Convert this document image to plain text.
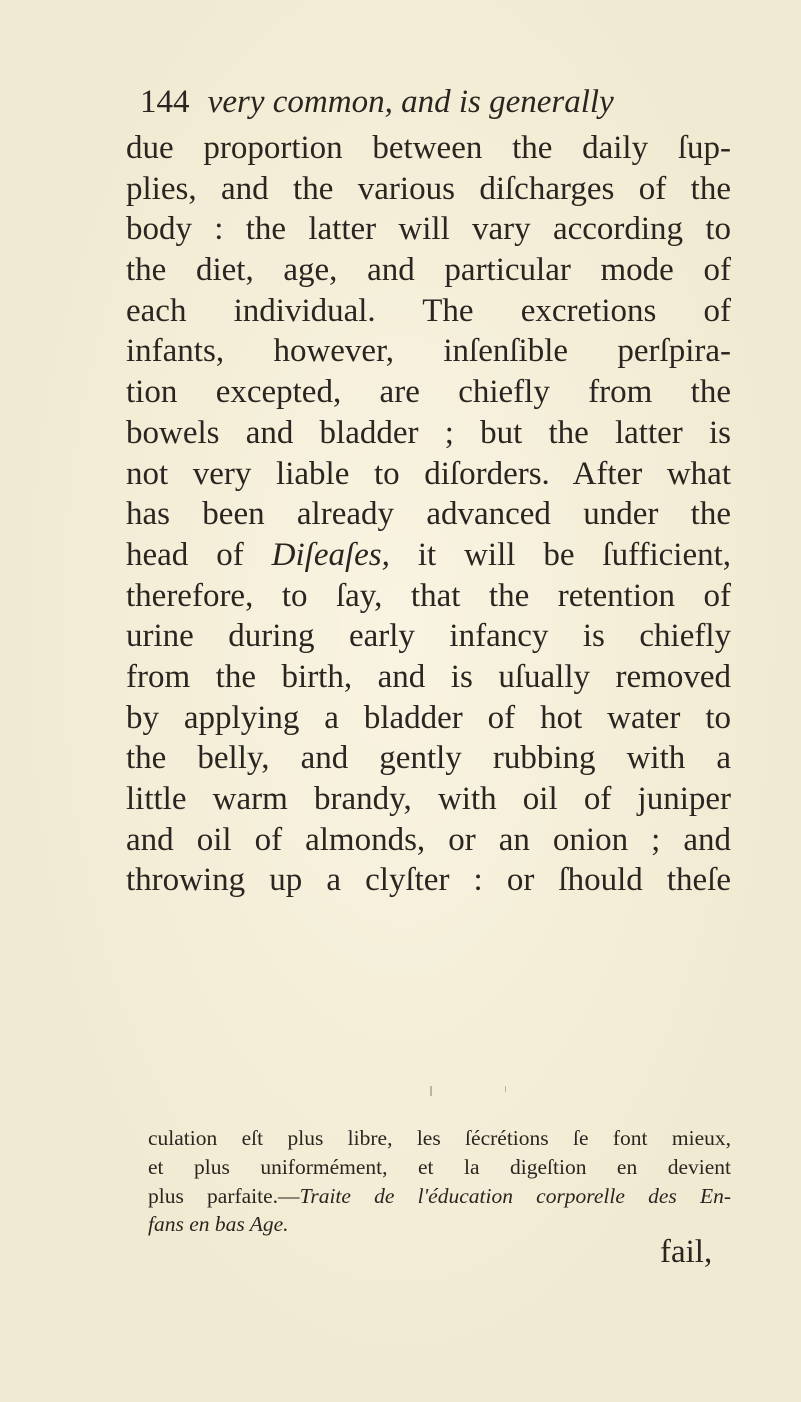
144 very common, and is generally
due proportion between the daily ſup-
plies, and the various diſcharges of the
body : the latter will vary according to
the diet, age, and particular mode of
each individual. The excretions of
infants, however, inſenſible perſpira-
tion excepted, are chiefly from the
bowels and bladder ; but the latter is
not very liable to diſorders. After what
has been already advanced under the
head of Diſeaſes, it will be ſufficient,
therefore, to ſay, that the retention of
urine during early infancy is chiefly
from the birth, and is uſually removed
by applying a bladder of hot water to
the belly, and gently rubbing with a
little warm brandy, with oil of juniper
and oil of almonds, or an onion ; and
throwing up a clyſter : or ſhould theſe
culation eſt plus libre, les ſécrétions ſe font mieux,
et plus uniformément, et la digeſtion en devient
plus parfaite.—Traite de l'éducation corporelle des En-
fans en bas Age.
fail,
